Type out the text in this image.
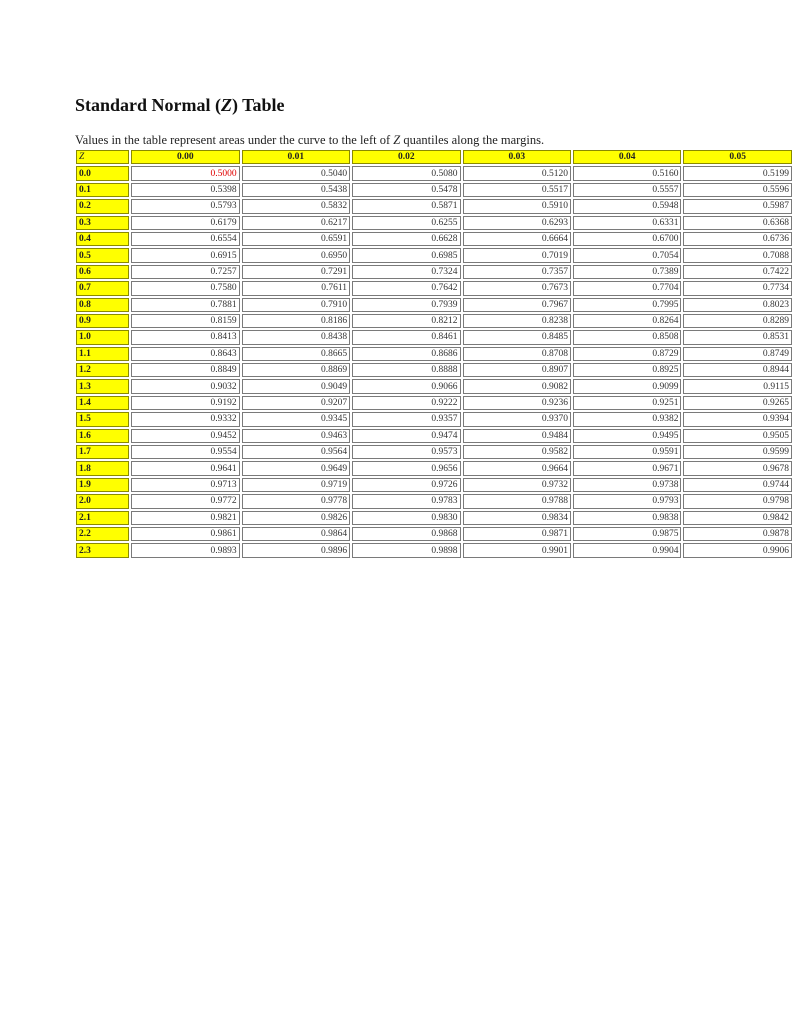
Standard Normal (Z) Table

Values in the table represent areas under the curve to the left of Z quantiles along the margins.

Z	0.00	0.01	0.02	0.03	0.04	0.05
0.0	0.5000	0.5040	0.5080	0.5120	0.5160	0.5199
0.1	0.5398	0.5438	0.5478	0.5517	0.5557	0.5596
0.2	0.5793	0.5832	0.5871	0.5910	0.5948	0.5987
0.3	0.6179	0.6217	0.6255	0.6293	0.6331	0.6368
0.4	0.6554	0.6591	0.6628	0.6664	0.6700	0.6736
0.5	0.6915	0.6950	0.6985	0.7019	0.7054	0.7088
0.6	0.7257	0.7291	0.7324	0.7357	0.7389	0.7422
0.7	0.7580	0.7611	0.7642	0.7673	0.7704	0.7734
0.8	0.7881	0.7910	0.7939	0.7967	0.7995	0.8023
0.9	0.8159	0.8186	0.8212	0.8238	0.8264	0.8289
1.0	0.8413	0.8438	0.8461	0.8485	0.8508	0.8531
1.1	0.8643	0.8665	0.8686	0.8708	0.8729	0.8749
1.2	0.8849	0.8869	0.8888	0.8907	0.8925	0.8944
1.3	0.9032	0.9049	0.9066	0.9082	0.9099	0.9115
1.4	0.9192	0.9207	0.9222	0.9236	0.9251	0.9265
1.5	0.9332	0.9345	0.9357	0.9370	0.9382	0.9394
1.6	0.9452	0.9463	0.9474	0.9484	0.9495	0.9505
1.7	0.9554	0.9564	0.9573	0.9582	0.9591	0.9599
1.8	0.9641	0.9649	0.9656	0.9664	0.9671	0.9678
1.9	0.9713	0.9719	0.9726	0.9732	0.9738	0.9744
2.0	0.9772	0.9778	0.9783	0.9788	0.9793	0.9798
2.1	0.9821	0.9826	0.9830	0.9834	0.9838	0.9842
2.2	0.9861	0.9864	0.9868	0.9871	0.9875	0.9878
2.3	0.9893	0.9896	0.9898	0.9901	0.9904	0.9906
